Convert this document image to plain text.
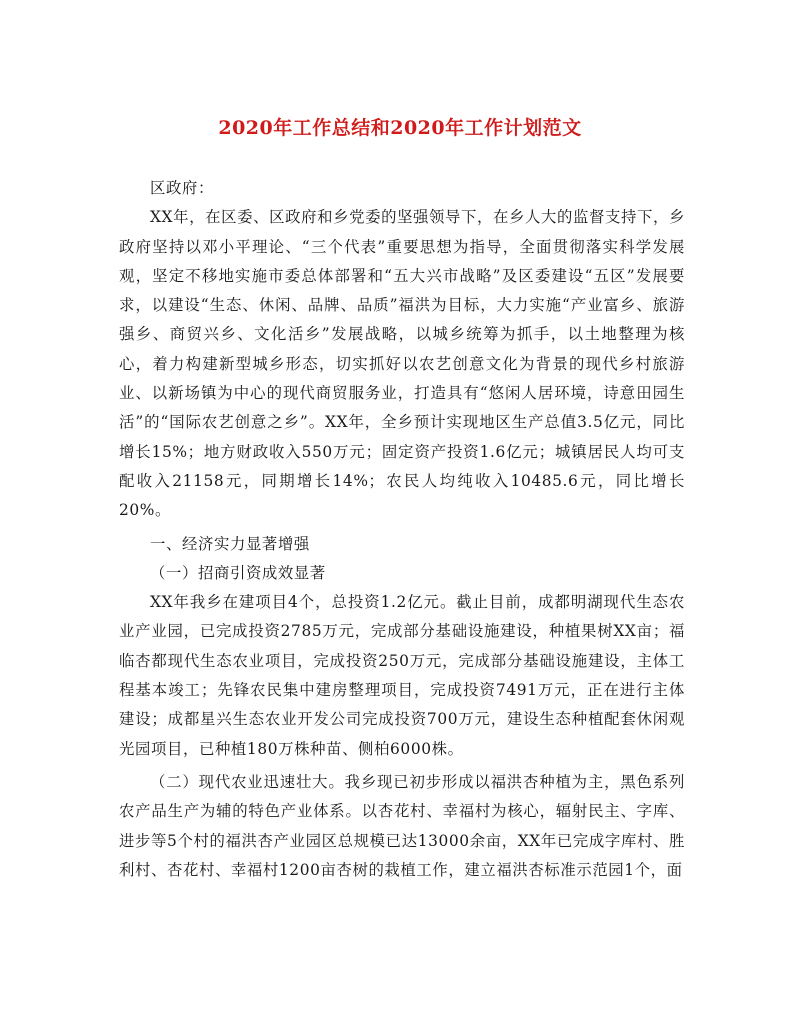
2020年工作总结和2020年工作计划范文

区政府：

XX年，在区委、区政府和乡党委的坚强领导下，在乡人大的监督支持下，乡政府坚持以邓小平理论、“三个代表”重要思想为指导，全面贯彻落实科学发展观，坚定不移地实施市委总体部署和“五大兴市战略”及区委建设“五区”发展要求，以建设“生态、休闲、品牌、品质”福洪为目标，大力实施“产业富乡、旅游强乡、商贸兴乡、文化活乡”发展战略，以城乡统筹为抓手，以土地整理为核心，着力构建新型城乡形态，切实抓好以农艺创意文化为背景的现代乡村旅游业、以新场镇为中心的现代商贸服务业，打造具有“悠闲人居环境，诗意田园生活”的“国际农艺创意之乡”。XX年，全乡预计实现地区生产总值3.5亿元，同比增长15%；地方财政收入550万元；固定资产投资1.6亿元；城镇居民人均可支配收入21158元，同期增长14%；农民人均纯收入10485.6元，同比增长20%。

一、经济实力显著增强

（一）招商引资成效显著

XX年我乡在建项目4个，总投资1.2亿元。截止目前，成都明湖现代生态农业产业园，已完成投资2785万元，完成部分基础设施建设，种植果树XX亩；福临杏都现代生态农业项目，完成投资250万元，完成部分基础设施建设，主体工程基本竣工；先锋农民集中建房整理项目，完成投资7491万元，正在进行主体建设；成都星兴生态农业开发公司完成投资700万元，建设生态种植配套休闲观光园项目，已种植180万株种苗、侧柏6000株。

（二）现代农业迅速壮大。我乡现已初步形成以福洪杏种植为主，黑色系列农产品生产为辅的特色产业体系。以杏花村、幸福村为核心，辐射民主、字库、进步等5个村的福洪杏产业园区总规模已达13000余亩，XX年已完成字库村、胜利村、杏花村、幸福村1200亩杏树的栽植工作，建立福洪杏标准示范园1个，面
